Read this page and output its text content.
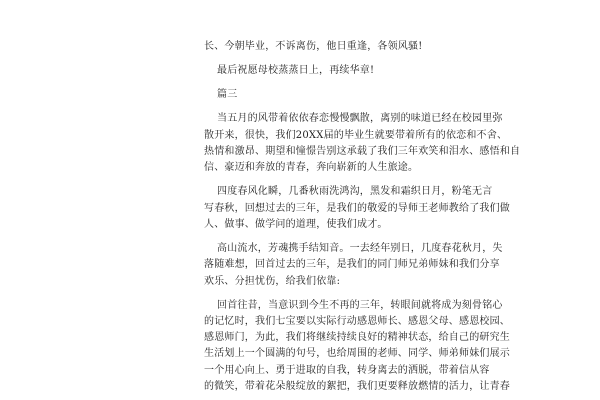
长、今朝毕业，不诉离伤，他日重逢，各领风骚!
最后祝愿母校蒸蒸日上，再续华章!
篇三
当五月的风带着依依春恋慢慢飘散，离别的味道已经在校园里弥
散开来，很快，我们20XX届的毕业生就要带着所有的依恋和不舍、
热情和激昂、期望和憧憬告别这承载了我们三年欢笑和泪水、感悟和自
信、豪迈和奔放的青春，奔向崭新的人生旅途。
四度春风化瞬，几番秋雨洗鸿沟，黑发和霜织日月，粉笔无言
写春秋，回想过去的三年，是我们的敬爱的导师王老师教给了我们做
人、做事、做学问的道理，使我们成才。
高山流水，芳魂携手结知音。一去经年别日，几度春花秋月，失
落随难想，回首过去的三年，是我们的同门师兄弟师妹和我们分享
欢乐、分担忧伤，给我们依靠:
回首往昔，当意识到今生不再的三年，转眼间就将成为刻骨铭心
的记忆时，我们七宝要以实际行动感恩师长、感恩父母、感恩校园、
感恩师门，为此，我们将继续持续良好的精神状态，给自己的研究生
生活划上一个圆满的句号，也给周围的老师、同学、师弟师妹们展示
一个用心向上、勇于进取的自我，转身离去的洒脱，带着信从容
的微笑，带着花朵般绽放的絮把，我们更要释放燃情的活力，让青春
